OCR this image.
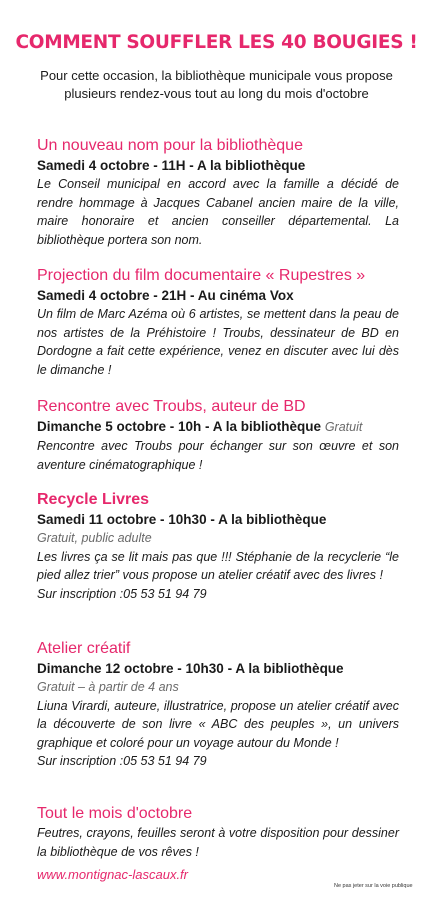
COMMENT SOUFFLER LES 40 BOUGIES !
Pour cette occasion, la bibliothèque municipale vous propose plusieurs rendez-vous tout au long du mois d'octobre
Un nouveau nom pour la bibliothèque
Samedi 4 octobre - 11H - A la bibliothèque
Le Conseil municipal en accord avec la famille a décidé de rendre hommage à Jacques Cabanel ancien maire de la ville, maire honoraire et ancien conseiller départemental. La bibliothèque portera son nom.
Projection du film documentaire « Rupestres »
Samedi 4 octobre - 21H - Au cinéma Vox
Un film de Marc Azéma où 6 artistes, se mettent dans la peau de nos artistes de la Préhistoire ! Troubs, dessinateur de BD en Dordogne a fait cette expérience, venez en discuter avec lui dès le dimanche !
Rencontre avec Troubs, auteur de BD
Dimanche 5 octobre - 10h - A la bibliothèque Gratuit
Rencontre avec Troubs pour échanger sur son œuvre et son aventure cinématographique !
Recycle Livres
Samedi 11 octobre - 10h30 - A la bibliothèque
Gratuit, public adulte
Les livres ça se lit mais pas que !!! Stéphanie de la recyclerie “le pied allez trier” vous propose un atelier créatif avec des livres !
Sur inscription :05 53 51 94 79
Atelier créatif
Dimanche 12 octobre - 10h30 - A la bibliothèque
Gratuit – à partir de 4 ans
Liuna Virardi, auteure, illustratrice, propose un atelier créatif avec la découverte de son livre « ABC des peuples », un univers graphique et coloré pour un voyage autour du Monde !
Sur inscription :05 53 51 94 79
Tout le mois d'octobre
Feutres, crayons, feuilles seront à votre disposition pour dessiner la bibliothèque de vos rêves !
www.montignac-lascaux.fr
Ne pas jeter sur la voie publique
